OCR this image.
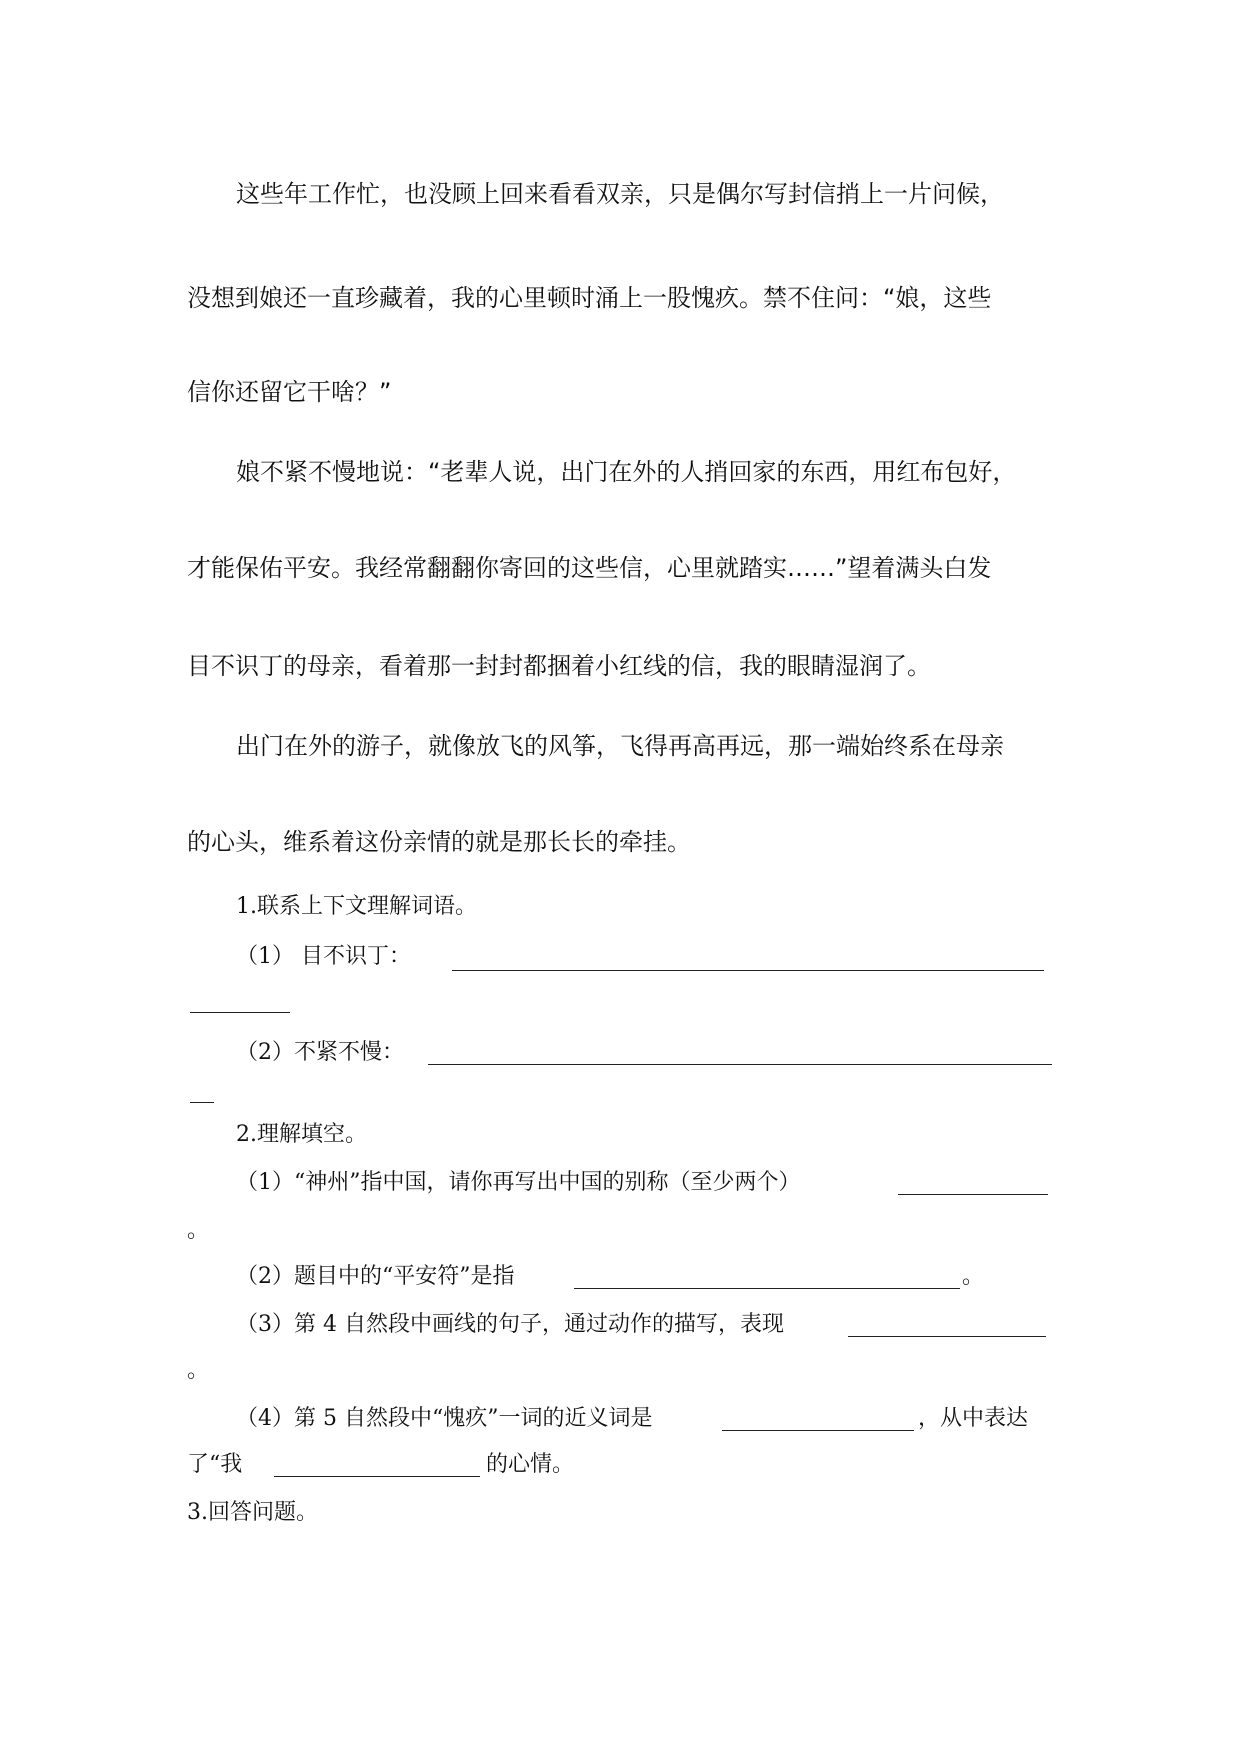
这些年工作忙，也没顾上回来看看双亲，只是偶尔写封信捎上一片问候，

没想到娘还一直珍藏着，我的心里顿时涌上一股愧疚。禁不住问：“娘，这些

信你还留它干啥？”

娘不紧不慢地说：“老辈人说，出门在外的人捎回家的东西，用红布包好，

才能保佑平安。我经常翻翻你寄回的这些信，心里就踏实……”望着满头白发

目不识丁的母亲，看着那一封封都捆着小红线的信，我的眼睛湿润了。

出门在外的游子，就像放飞的风筝，飞得再高再远，那一端始终系在母亲

的心头，维系着这份亲情的就是那长长的牵挂。

1.联系上下文理解词语。

（1） 目不识丁：

（2）不紧不慢：

2.理解填空。

（1）“神州”指中国，请你再写出中国的别称（至少两个）

。

（2）题目中的“平安符”是指	。

（3）第 4 自然段中画线的句子，通过动作的描写，表现

。

（4）第 5 自然段中“愧疚”一词的近义词是	，从中表达

了“我	的心情。

3.回答问题。
